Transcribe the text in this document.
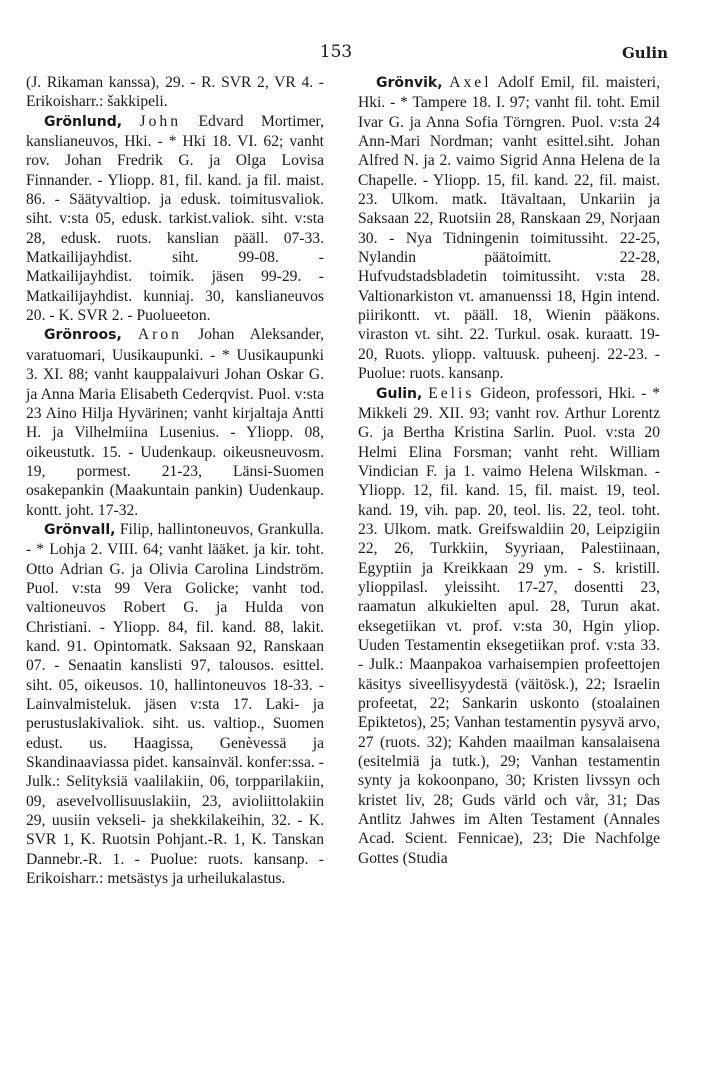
153	Gulin

(J. Rikaman kanssa), 29. - R. SVR 2, VR 4. - Erikoisharr.: šakkipeli.

Grönlund, John Edvard Mortimer, kanslianeuvos, Hki. - * Hki 18. VI. 62; vanht rov. Johan Fredrik G. ja Olga Lovisa Finnander. - Yliopp. 81, fil. kand. ja fil. maist. 86. - Säätyvaltiop. ja edusk. toimitusvaliok. siht. v:sta 05, edusk. tarkist.valiok. siht. v:sta 28, edusk. ruots. kanslian pääll. 07-33. Matkailijayhdist. siht. 99-08. - Matkailijayhdist. toimik. jäsen 99-29. - Matkailijayhdist. kunniaj. 30, kanslianeuvos 20. - K. SVR 2. - Puolueeton.

Grönroos, Aron Johan Aleksander, varatuomari, Uusikaupunki. - * Uusikaupunki 3. XI. 88; vanht kauppalaivuri Johan Oskar G. ja Anna Maria Elisabeth Cederqvist. Puol. v:sta 23 Aino Hilja Hyvärinen; vanht kirjaltaja Antti H. ja Vilhelmiina Lusenius. - Yliopp. 08, oikeustutk. 15. - Uudenkaup. oikeusneuvosm. 19, pormest. 21-23, Länsi-Suomen osakepankin (Maakuntain pankin) Uudenkaup. kontt. joht. 17-32.

Grönvall, Filip, hallintoneuvos, Grankulla. - * Lohja 2. VIII. 64; vanht lääket. ja kir. toht. Otto Adrian G. ja Olivia Carolina Lindström. Puol. v:sta 99 Vera Golicke; vanht tod. valtioneuvos Robert G. ja Hulda von Christiani. - Yliopp. 84, fil. kand. 88, lakit. kand. 91. Opintomatk. Saksaan 92, Ranskaan 07. - Senaatin kanslisti 97, talousos. esittel. siht. 05, oikeusos. 10, hallintoneuvos 18-33. - Lainvalmisteluk. jäsen v:sta 17. Laki- ja perustuslakivaliok. siht. us. valtiop., Suomen edust. us. Haagissa, Genèvessä ja Skandinaaviassa pidet. kansainväl. konfer:ssa. - Julk.: Selityksiä vaalilakiin, 06, torpparilakiin, 09, asevelvollisuuslakiin, 23, avioliittolakiin 29, uusiin vekseli- ja shekkilakeihin, 32. - K. SVR 1, K. Ruotsin Pohjant.-R. 1, K. Tanskan Dannebr.-R. 1. - Puolue: ruots. kansanp. - Erikoisharr.: metsästys ja urheilukalastus.

Grönvik, Axel Adolf Emil, fil. maisteri, Hki. - * Tampere 18. I. 97; vanht fil. toht. Emil Ivar G. ja Anna Sofia Törngren. Puol. v:sta 24 Ann-Mari Nordman; vanht esittel.siht. Johan Alfred N. ja 2. vaimo Sigrid Anna Helena de la Chapelle. - Yliopp. 15, fil. kand. 22, fil. maist. 23. Ulkom. matk. Itävaltaan, Unkariin ja Saksaan 22, Ruotsiin 28, Ranskaan 29, Norjaan 30. - Nya Tidningenin toimitussiht. 22-25, Nylandin päätoimitt. 22-28, Hufvudstadsbladetin toimitussiht. v:sta 28. Valtionarkiston vt. amanuenssi 18, Hgin intend. piirikontt. vt. pääll. 18, Wienin pääkons. viraston vt. siht. 22. Turkul. osak. kuraatt. 19-20, Ruots. yliopp. valtuusk. puheenj. 22-23. - Puolue: ruots. kansanp.

Gulin, Eelis Gideon, professori, Hki. - * Mikkeli 29. XII. 93; vanht rov. Arthur Lorentz G. ja Bertha Kristina Sarlin. Puol. v:sta 20 Helmi Elina Forsman; vanht reht. William Vindician F. ja 1. vaimo Helena Wilskman. - Yliopp. 12, fil. kand. 15, fil. maist. 19, teol. kand. 19, vih. pap. 20, teol. lis. 22, teol. toht. 23. Ulkom. matk. Greifswaldiin 20, Leipzigiin 22, 26, Turkkiin, Syyriaan, Palestiinaan, Egyptiin ja Kreikkaan 29 ym. - S. kristill. ylioppilasl. yleissiht. 17-27, dosentti 23, raamatun alkukielten apul. 28, Turun akat. eksegetiikan vt. prof. v:sta 30, Hgin yliop. Uuden Testamentin eksegetiikan prof. v:sta 33. - Julk.: Maanpakoa varhaisempien profeettojen käsitys siveellisyydestä (väitösk.), 22; Israelin profeetat, 22; Sankarin uskonto (stoalainen Epiktetos), 25; Vanhan testamentin pysyvä arvo, 27 (ruots. 32); Kahden maailman kansalaisena (esitelmiä ja tutk.), 29; Vanhan testamentin synty ja kokoonpano, 30; Kristen livssyn och kristet liv, 28; Guds värld och vår, 31; Das Antlitz Jahwes im Alten Testament (Annales Acad. Scient. Fennicae), 23; Die Nachfolge Gottes (Studia
